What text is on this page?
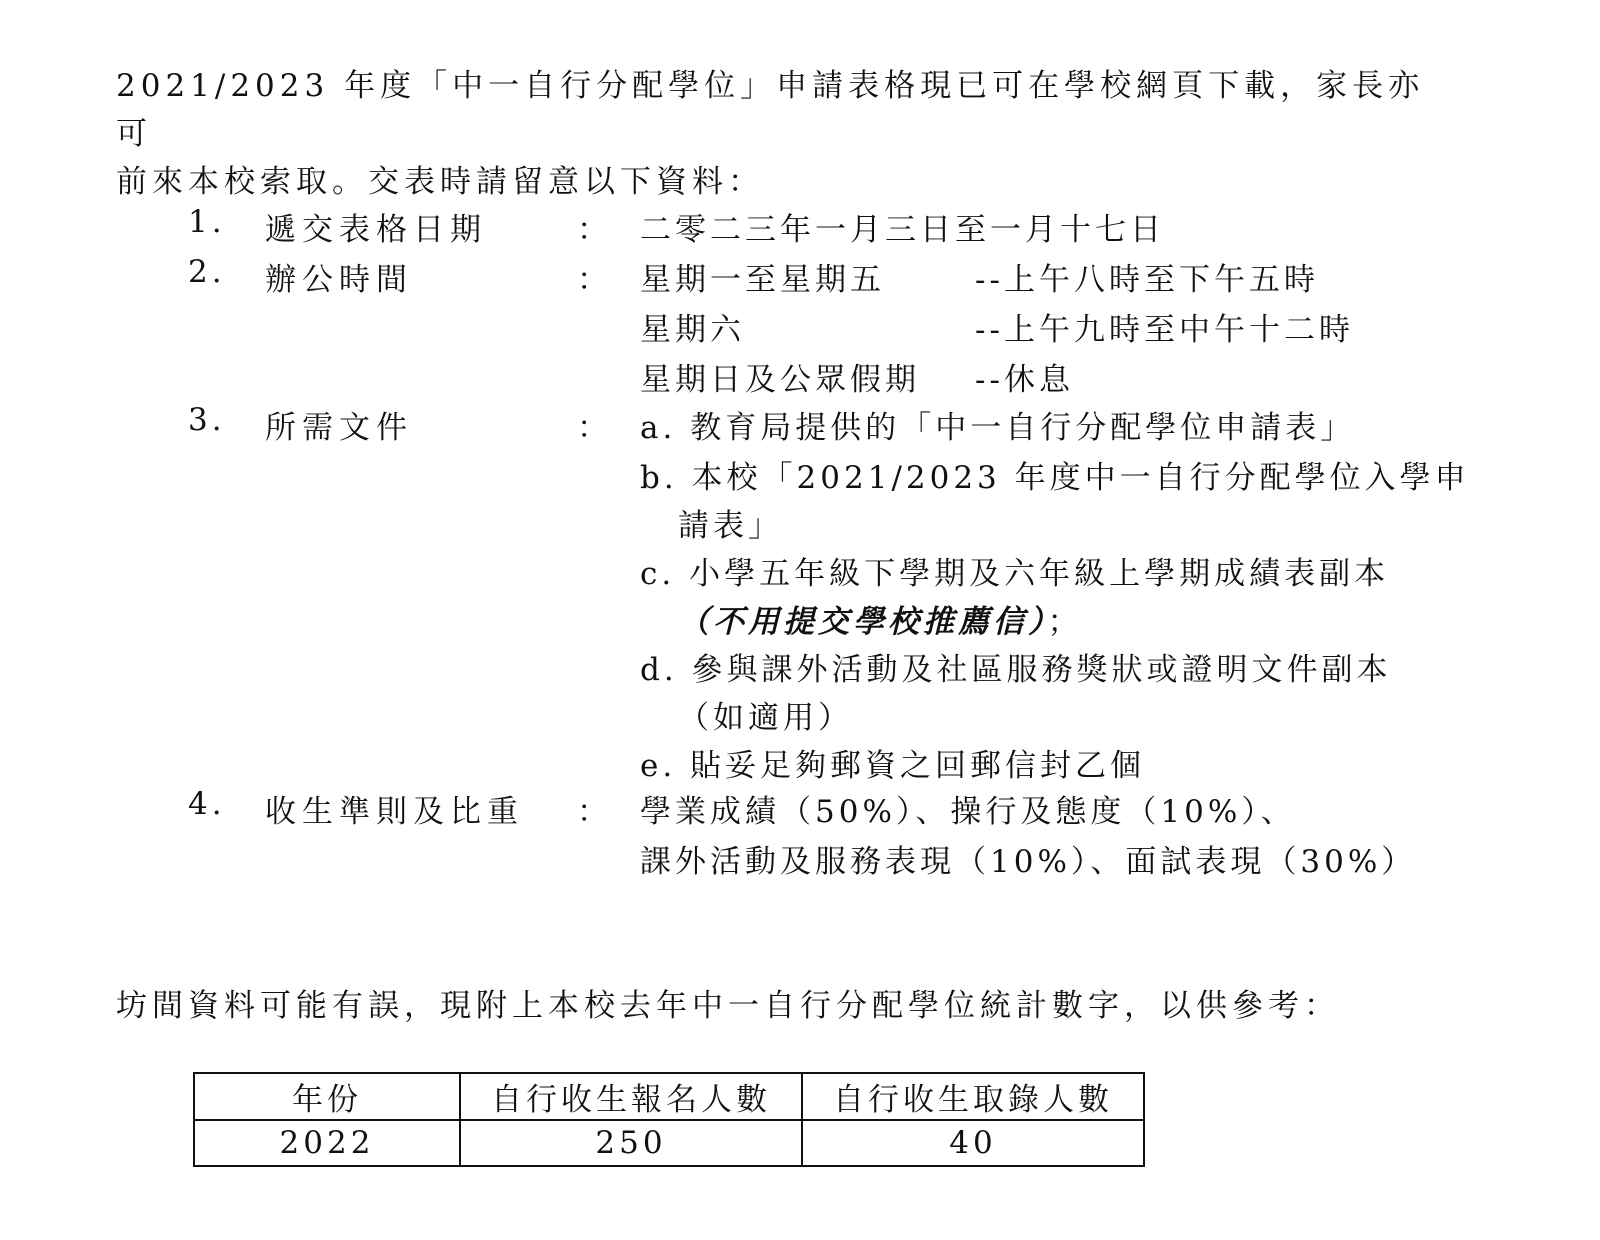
2021/2023 年度「中一自行分配學位」申請表格現已可在學校網頁下載，家長亦可
前來本校索取。交表時請留意以下資料：
1. 遞交表格日期	： 二零二三年一月三日至一月十七日
2. 辦公時間	： 星期一至星期五	--上午八時至下午五時
星期六	--上午九時至中午十二時
星期日及公眾假期 --休息
3. 所需文件	： a. 教育局提供的「中一自行分配學位申請表」
b. 本校「2021/2023 年度中一自行分配學位入學申
請表」
c. 小學五年級下學期及六年級上學期成績表副本
（不用提交學校推薦信）；
d. 參與課外活動及社區服務獎狀或證明文件副本
（如適用）
e. 貼妥足夠郵資之回郵信封乙個
4. 收生準則及比重 ： 學業成績（50%）、操行及態度（10%）、
課外活動及服務表現（10%）、面試表現（30%）
坊間資料可能有誤，現附上本校去年中一自行分配學位統計數字，以供參考：
年份	自行收生報名人數	自行收生取錄人數
2022	250	40
